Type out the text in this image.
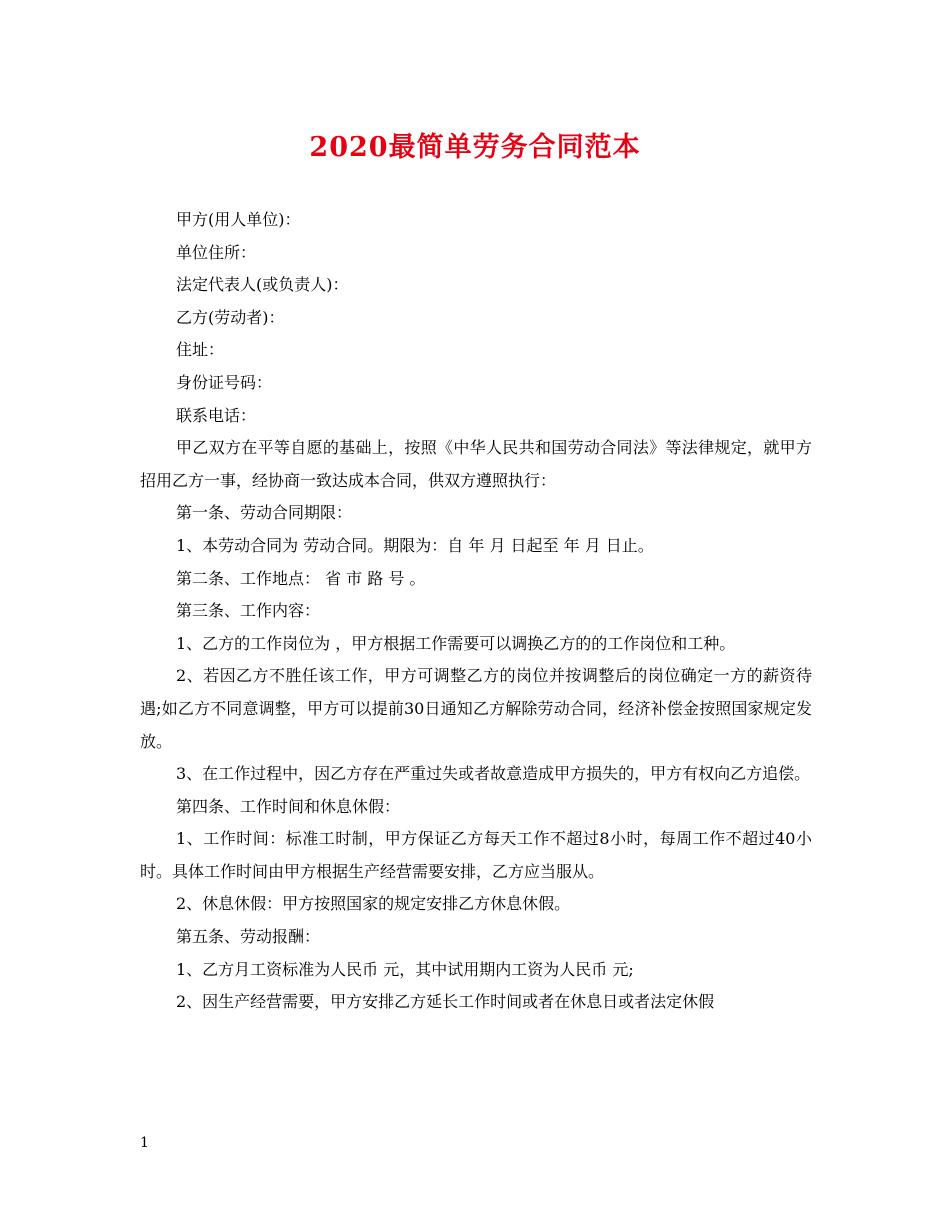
2020最简单劳务合同范本

甲方(用人单位)：

单位住所：

法定代表人(或负责人)：

乙方(劳动者)：

住址：

身份证号码：

联系电话：

甲乙双方在平等自愿的基础上，按照《中华人民共和国劳动合同法》等法律规定，就甲方招用乙方一事，经协商一致达成本合同，供双方遵照执行：

第一条、劳动合同期限：

1、本劳动合同为 劳动合同。期限为：自 年 月 日起至 年 月 日止。

第二条、工作地点： 省 市 路 号 。

第三条、工作内容：

1、乙方的工作岗位为 ，甲方根据工作需要可以调换乙方的的工作岗位和工种。

2、若因乙方不胜任该工作，甲方可调整乙方的岗位并按调整后的岗位确定一方的薪资待遇;如乙方不同意调整，甲方可以提前30日通知乙方解除劳动合同，经济补偿金按照国家规定发放。

3、在工作过程中，因乙方存在严重过失或者故意造成甲方损失的，甲方有权向乙方追偿。

第四条、工作时间和休息休假：

1、工作时间：标准工时制，甲方保证乙方每天工作不超过8小时，每周工作不超过40小时。具体工作时间由甲方根据生产经营需要安排，乙方应当服从。

2、休息休假：甲方按照国家的规定安排乙方休息休假。

第五条、劳动报酬：

1、乙方月工资标准为人民币 元，其中试用期内工资为人民币 元;

2、因生产经营需要，甲方安排乙方延长工作时间或者在休息日或者法定休假

1
